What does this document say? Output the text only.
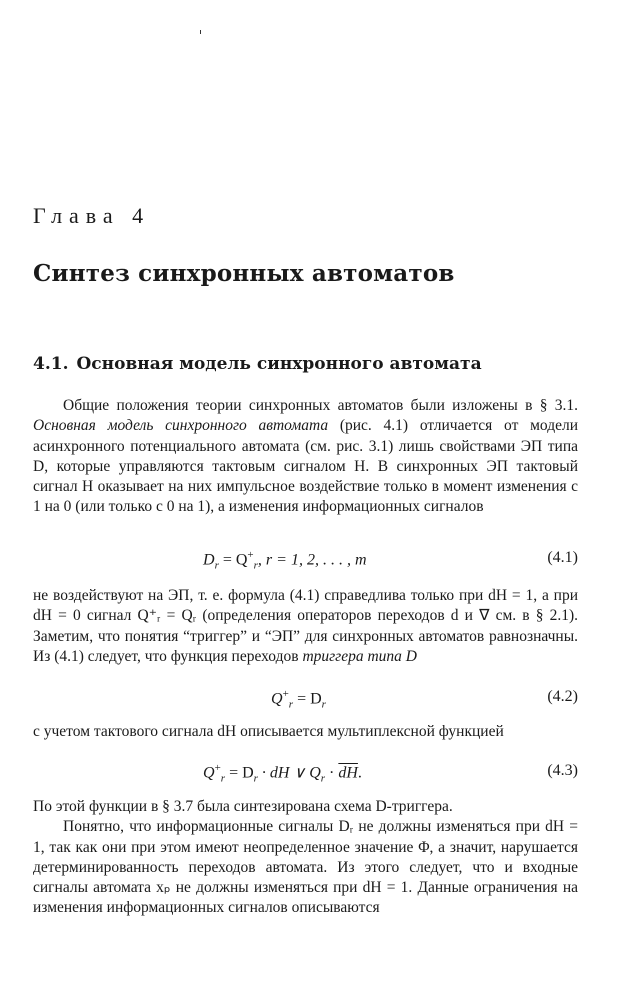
Глава 4
Синтез синхронных автоматов
4.1. Основная модель синхронного автомата

Общие положения теории синхронных автоматов были изложены в § 3.1. Основная модель синхронного автомата (рис. 4.1) отличается от модели асинхронного потенциального автомата (см. рис. 3.1) лишь свойствами ЭП типа D, которые управляются тактовым сигналом H. В синхронных ЭП тактовый сигнал H оказывает на них импульсное воздействие только в момент изменения с 1 на 0 (или только с 0 на 1), а изменения информационных сигналов

$D_r = Q^+_r$, r = 1, 2, . . . , m	(4.1)

не воздействуют на ЭП, т. е. формула (4.1) справедлива только при dH = 1, а при dH = 0 сигнал Q⁺ᵣ = Qᵣ (определения операторов переходов d и ∇ см. в § 2.1). Заметим, что понятия “триггер” и “ЭП” для синхронных автоматов равнозначны. Из (4.1) следует, что функция переходов триггера типа D

$Q^+_r = D_r$	(4.2)

с учетом тактового сигнала dH описывается мультиплексной функцией

$Q^+_r = D_r$ · dH ∨ $Q_r \cdot \overline{dH}$.	(4.3)

По этой функции в § 3.7 была синтезирована схема D-триггера.

Понятно, что информационные сигналы Dᵣ не должны изменяться при dH = 1, так как они при этом имеют неопределенное значение Φ, а значит, нарушается детерминированность переходов автомата. Из этого следует, что и входные сигналы автомата xₚ не должны изменяться при dH = 1. Данные ограничения на изменения информационных сигналов описываются
